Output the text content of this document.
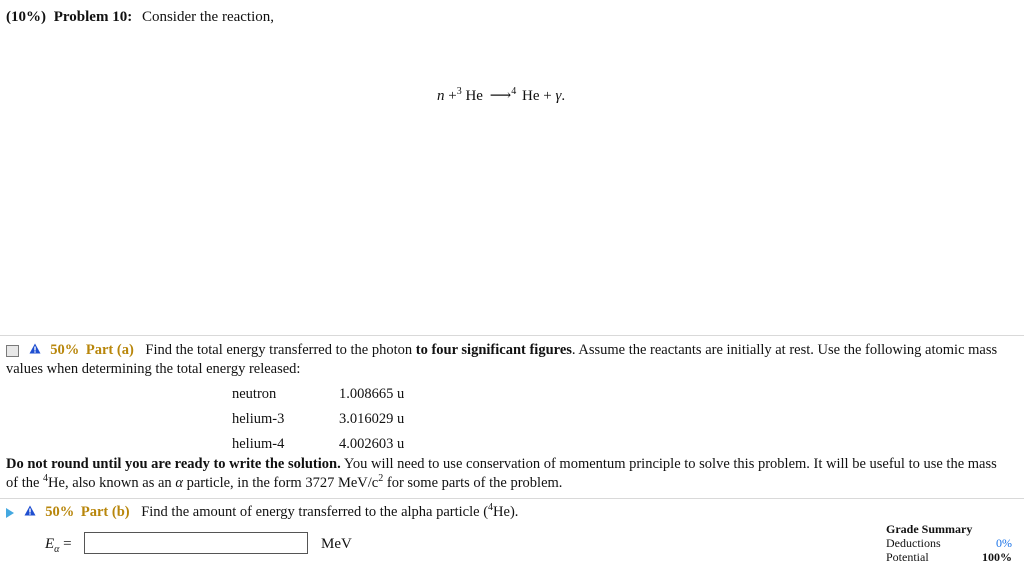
(10%) Problem 10: Consider the reaction,
n +$^3$ He ⟶$^4$ He + γ.
50% Part (a) Find the total energy transferred to the photon to four significant figures. Assume the reactants are initially at rest. Use the following atomic mass values when determining the total energy released:
neutron	1.008665 u
helium-3	3.016029 u
helium-4	4.002603 u
Do not round until you are ready to write the solution. You will need to use conservation of momentum principle to solve this problem. It will be useful to use the mass of the $^4$He, also known as an α particle, in the form 3727 MeV/$c^2$ for some parts of the problem.
50% Part (b) Find the amount of energy transferred to the alpha particle ($^4$He).
$E_\alpha$ =	MeV
Grade Summary
Deductions	0%
Potential	100%
